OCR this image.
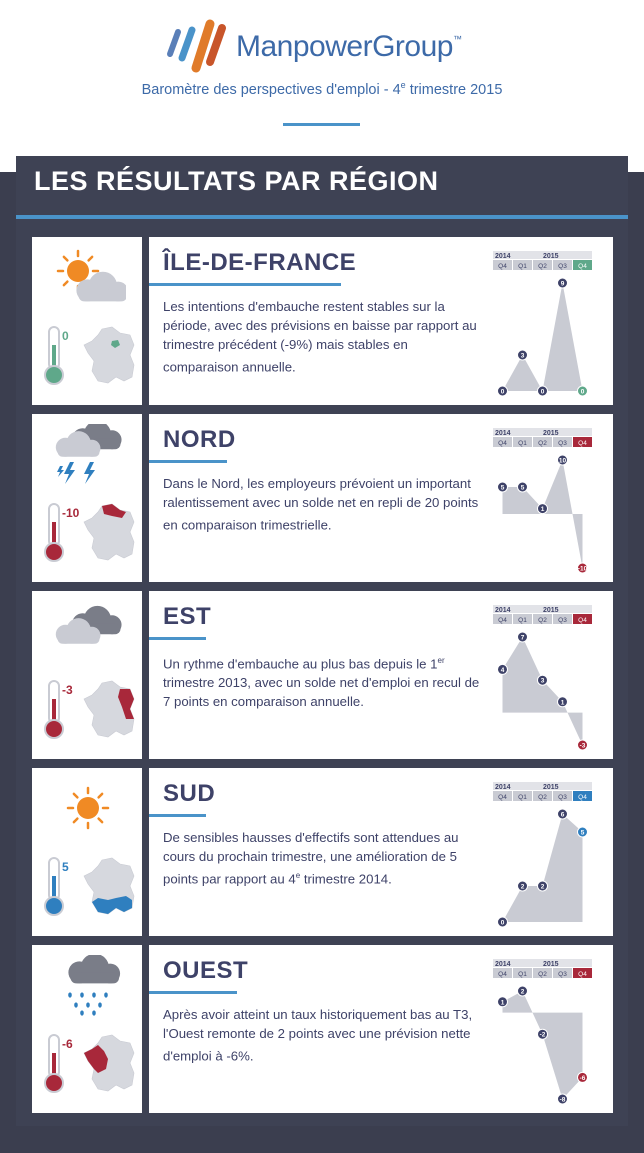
ManpowerGroup™
Baromètre des perspectives d'emploi - 4e trimestre 2015
LES RÉSULTATS PAR RÉGION
0
ÎLE-DE-FRANCE
Les intentions d'embauche restent stables sur la période, avec des prévisions en baisse par rapport au trimestre précédent (-9%) mais stables en comparaison annuelle.
2014	2015
Q4 Q1 Q2 Q3 Q4
0
3
0
9
0
-10
NORD
Dans le Nord, les employeurs prévoient un important ralentissement avec un solde net en repli de 20 points en comparaison trimestrielle.
2014	2015
Q4 Q1 Q2 Q3 Q4
5	5
1
10
-10
-3
EST
Un rythme d'embauche au plus bas depuis le 1er trimestre 2013, avec un solde net d'emploi en recul de 7 points en comparaison annuelle.
2014	2015
Q4 Q1 Q2 Q3 Q4
4
7
3
1
-3
5
SUD
De sensibles hausses d'effectifs sont attendues au cours du prochain trimestre, une amélioration de 5 points par rapport au 4e trimestre 2014.
2014	2015
Q4 Q1 Q2 Q3 Q4
0
2	2
6
5
-6
OUEST
Après avoir atteint un taux historiquement bas au T3, l'Ouest remonte de 2 points avec une prévision nette d'emploi à -6%.
2014	2015
Q4 Q1 Q2 Q3 Q4
1
2
-2
-8
-6
